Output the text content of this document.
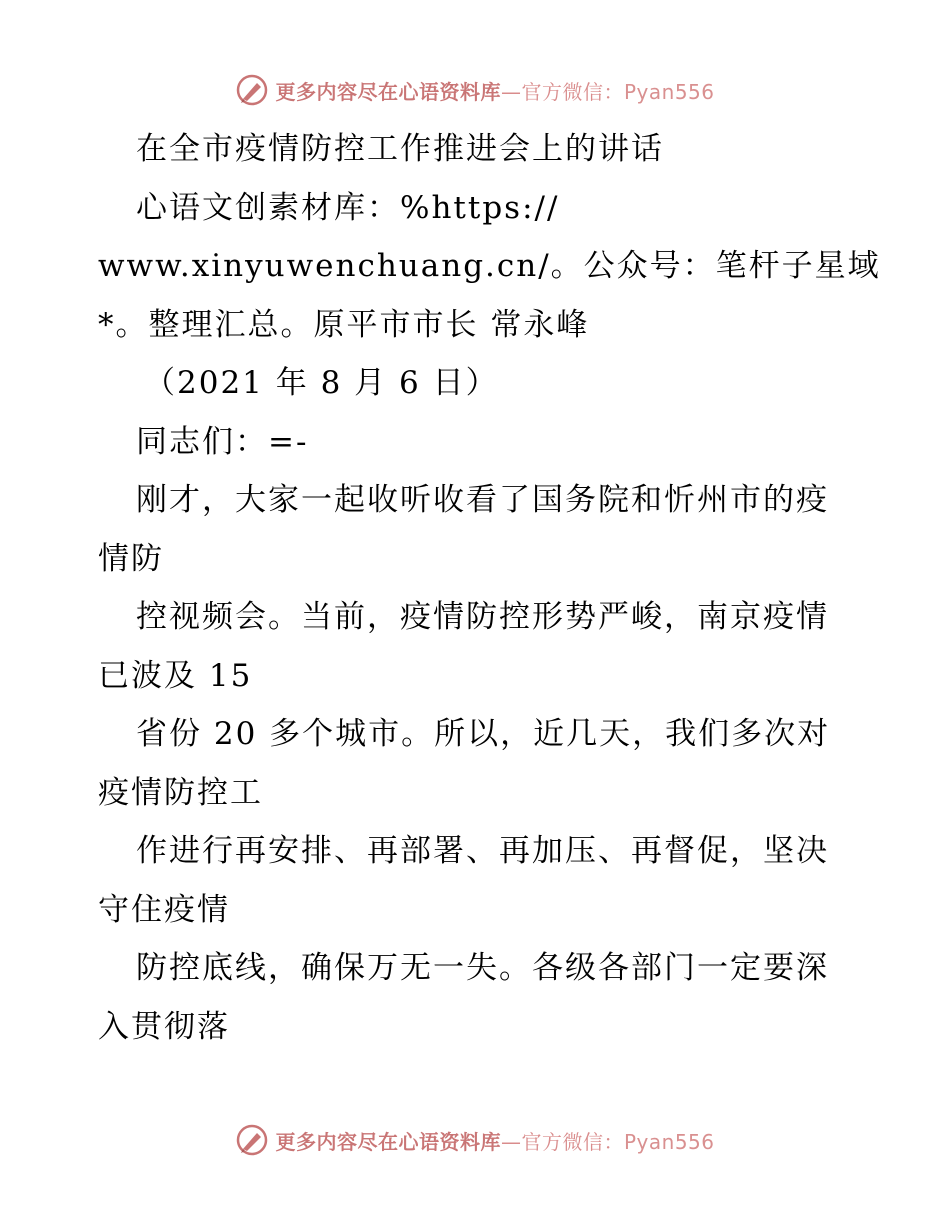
更多内容尽在心语资料库—官方微信：Pyan556
在全市疫情防控工作推进会上的讲话
心语文创素材库：%https://
www.xinyuwenchuang.cn/。公众号：笔杆子星域
*。整理汇总。原平市市长 常永峰
（2021 年 8 月 6 日）
同志们：=-
刚才，大家一起收听收看了国务院和忻州市的疫
情防
控视频会。当前，疫情防控形势严峻，南京疫情
已波及 15
省份 20 多个城市。所以，近几天，我们多次对
疫情防控工
作进行再安排、再部署、再加压、再督促，坚决
守住疫情
防控底线，确保万无一失。各级各部门一定要深
入贯彻落
更多内容尽在心语资料库—官方微信：Pyan556
